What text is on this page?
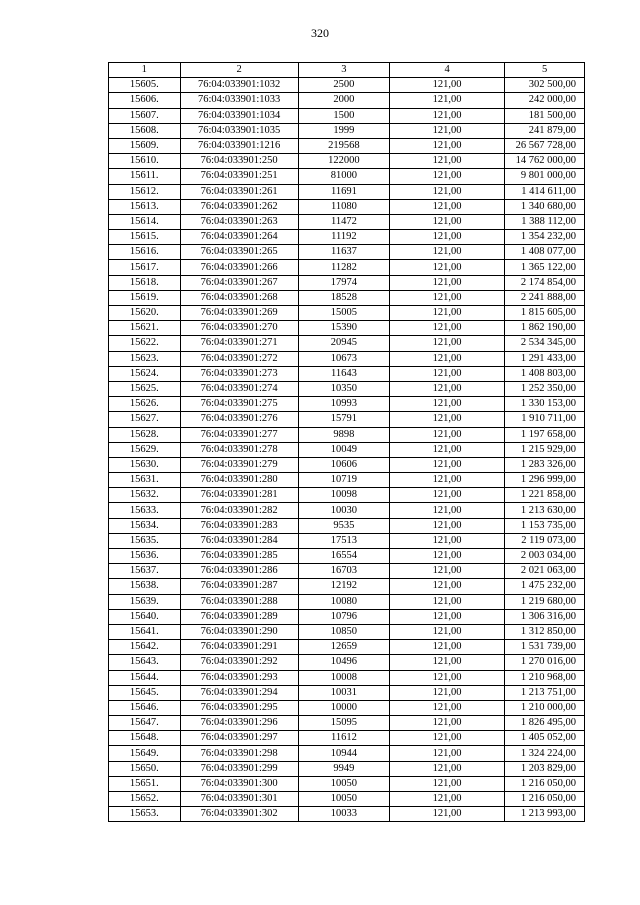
320
1	2	3	4	5
15605.	76:04:033901:1032	2500	121,00	302 500,00
15606.	76:04:033901:1033	2000	121,00	242 000,00
15607.	76:04:033901:1034	1500	121,00	181 500,00
15608.	76:04:033901:1035	1999	121,00	241 879,00
15609.	76:04:033901:1216	219568	121,00	26 567 728,00
15610.	76:04:033901:250	122000	121,00	14 762 000,00
15611.	76:04:033901:251	81000	121,00	9 801 000,00
15612.	76:04:033901:261	11691	121,00	1 414 611,00
15613.	76:04:033901:262	11080	121,00	1 340 680,00
15614.	76:04:033901:263	11472	121,00	1 388 112,00
15615.	76:04:033901:264	11192	121,00	1 354 232,00
15616.	76:04:033901:265	11637	121,00	1 408 077,00
15617.	76:04:033901:266	11282	121,00	1 365 122,00
15618.	76:04:033901:267	17974	121,00	2 174 854,00
15619.	76:04:033901:268	18528	121,00	2 241 888,00
15620.	76:04:033901:269	15005	121,00	1 815 605,00
15621.	76:04:033901:270	15390	121,00	1 862 190,00
15622.	76:04:033901:271	20945	121,00	2 534 345,00
15623.	76:04:033901:272	10673	121,00	1 291 433,00
15624.	76:04:033901:273	11643	121,00	1 408 803,00
15625.	76:04:033901:274	10350	121,00	1 252 350,00
15626.	76:04:033901:275	10993	121,00	1 330 153,00
15627.	76:04:033901:276	15791	121,00	1 910 711,00
15628.	76:04:033901:277	9898	121,00	1 197 658,00
15629.	76:04:033901:278	10049	121,00	1 215 929,00
15630.	76:04:033901:279	10606	121,00	1 283 326,00
15631.	76:04:033901:280	10719	121,00	1 296 999,00
15632.	76:04:033901:281	10098	121,00	1 221 858,00
15633.	76:04:033901:282	10030	121,00	1 213 630,00
15634.	76:04:033901:283	9535	121,00	1 153 735,00
15635.	76:04:033901:284	17513	121,00	2 119 073,00
15636.	76:04:033901:285	16554	121,00	2 003 034,00
15637.	76:04:033901:286	16703	121,00	2 021 063,00
15638.	76:04:033901:287	12192	121,00	1 475 232,00
15639.	76:04:033901:288	10080	121,00	1 219 680,00
15640.	76:04:033901:289	10796	121,00	1 306 316,00
15641.	76:04:033901:290	10850	121,00	1 312 850,00
15642.	76:04:033901:291	12659	121,00	1 531 739,00
15643.	76:04:033901:292	10496	121,00	1 270 016,00
15644.	76:04:033901:293	10008	121,00	1 210 968,00
15645.	76:04:033901:294	10031	121,00	1 213 751,00
15646.	76:04:033901:295	10000	121,00	1 210 000,00
15647.	76:04:033901:296	15095	121,00	1 826 495,00
15648.	76:04:033901:297	11612	121,00	1 405 052,00
15649.	76:04:033901:298	10944	121,00	1 324 224,00
15650.	76:04:033901:299	9949	121,00	1 203 829,00
15651.	76:04:033901:300	10050	121,00	1 216 050,00
15652.	76:04:033901:301	10050	121,00	1 216 050,00
15653.	76:04:033901:302	10033	121,00	1 213 993,00
